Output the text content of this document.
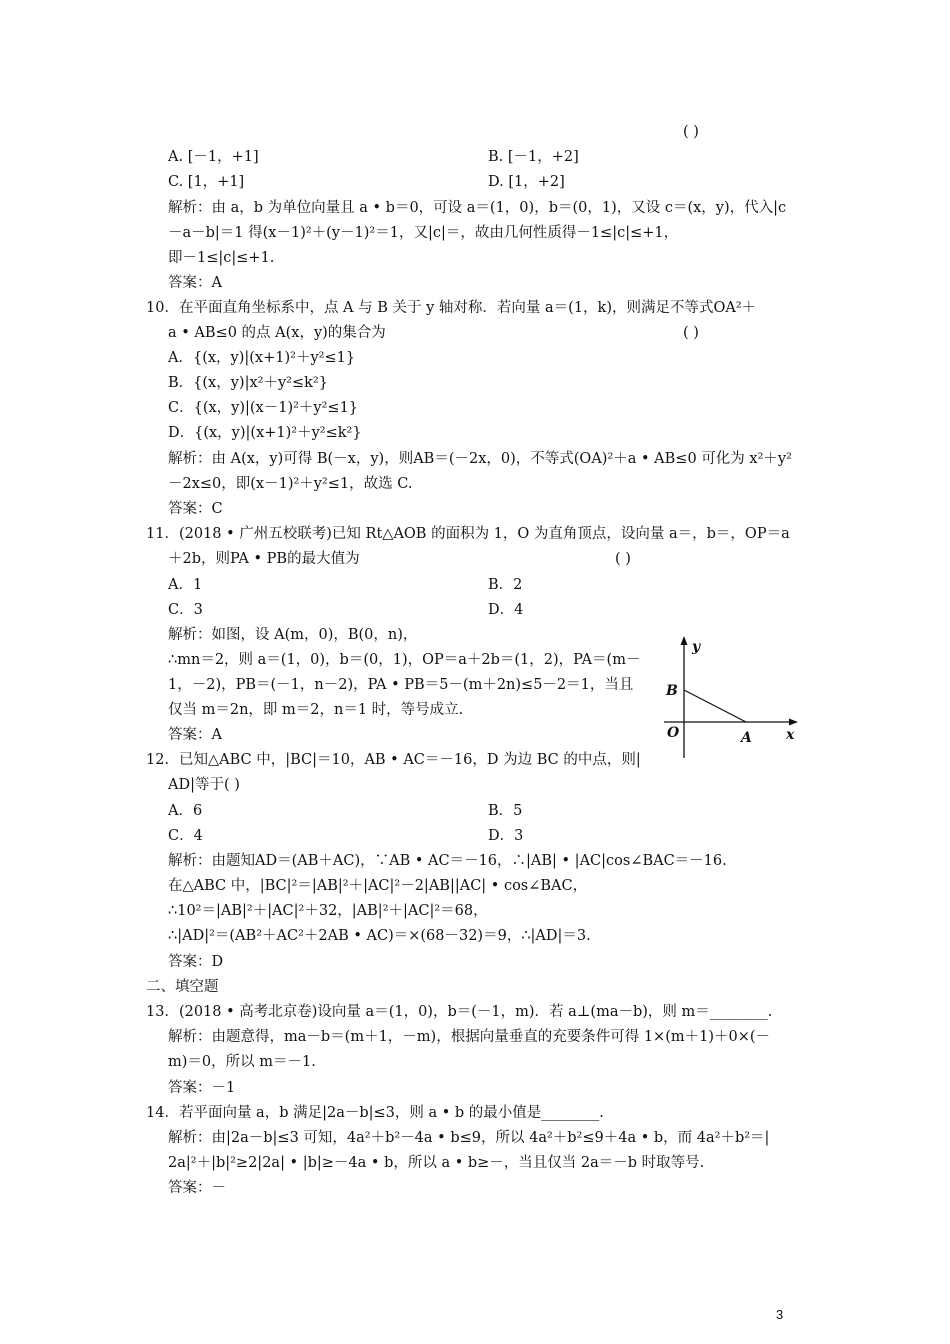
( )
A. [－1，+1]	B. [－1，+2]
C. [1，+1]	D. [1，+2]
解析：由 a，b 为单位向量且 a • b＝0，可设 a＝(1，0)，b＝(0，1)，又设 c＝(x，y)，代入|c
－a－b|＝1 得(x－1)²＋(y－1)²＝1，又|c|＝，故由几何性质得－1≤|c|≤+1，
即－1≤|c|≤+1.
答案：A
10．在平面直角坐标系中，点 A 与 B 关于 y 轴对称．若向量 a＝(1，k)，则满足不等式OA²＋
a • AB≤0 的点 A(x，y)的集合为	( )
A．{(x，y)|(x+1)²＋y²≤1}
B．{(x，y)|x²＋y²≤k²}
C．{(x，y)|(x－1)²＋y²≤1}
D．{(x，y)|(x+1)²＋y²≤k²}
解析：由 A(x，y)可得 B(－x，y)，则AB＝(－2x，0)，不等式(OA)²＋a • AB≤0 可化为 x²＋y²
－2x≤0，即(x－1)²＋y²≤1，故选 C.
答案：C
11．(2018 • 广州五校联考)已知 Rt△AOB 的面积为 1，O 为直角顶点，设向量 a＝，b＝，OP＝a
＋2b，则PA • PB的最大值为	( )
A．1	B．2
C．3	D．4
解析：如图，设 A(m，0)，B(0，n)，
∴mn＝2，则 a＝(1，0)，b＝(0，1)，OP＝a＋2b＝(1，2)，PA＝(m－
1，－2)，PB＝(－1，n－2)，PA • PB＝5－(m＋2n)≤5－2＝1，当且
仅当 m＝2n，即 m＝2，n＝1 时，等号成立.
答案：A
y
x
O	A
B
12．已知△ABC 中，|BC|＝10，AB • AC＝－16，D 为边 BC 的中点，则|
AD|等于( )
A．6	B．5
C．4	D．3
解析：由题知AD＝(AB＋AC)，∵AB • AC＝－16，∴|AB| • |AC|cos∠BAC＝－16.
在△ABC 中，|BC|²＝|AB|²＋|AC|²－2|AB||AC| • cos∠BAC，
∴10²＝|AB|²＋|AC|²＋32，|AB|²＋|AC|²＝68，
∴|AD|²＝(AB²＋AC²＋2AB • AC)＝×(68－32)＝9，∴|AD|＝3.
答案：D
二、填空题
13．(2018 • 高考北京卷)设向量 a＝(1，0)，b＝(－1，m)．若 a⊥(ma－b)，则 m＝________.
解析：由题意得，ma－b＝(m＋1，－m)，根据向量垂直的充要条件可得 1×(m＋1)＋0×(－
m)＝0，所以 m＝－1.
答案：－1
14．若平面向量 a，b 满足|2a－b|≤3，则 a • b 的最小值是________.
解析：由|2a－b|≤3 可知，4a²＋b²－4a • b≤9，所以 4a²＋b²≤9＋4a • b，而 4a²＋b²＝|
2a|²＋|b|²≥2|2a| • |b|≥－4a • b，所以 a • b≥－，当且仅当 2a＝－b 时取等号.
答案：－
3
